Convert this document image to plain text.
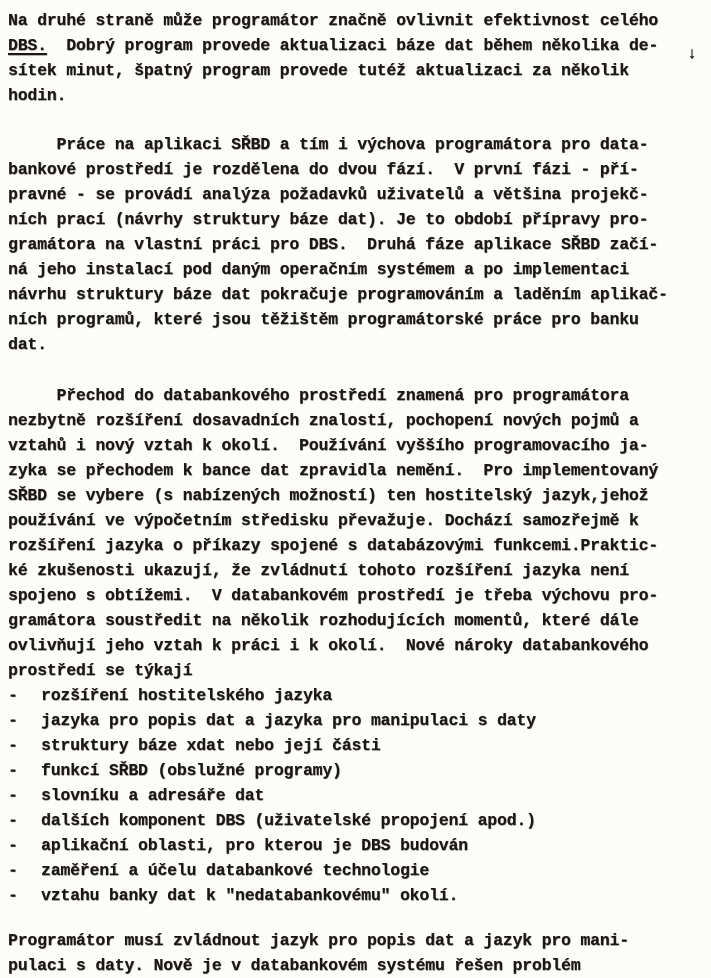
Na druhé straně může programátor značně ovlivnit efektivnost celého
DBS.  Dobrý program provede aktualizaci báze dat během několika de-
sítek minut, špatný program provede tutéž aktualizaci za několik
hodin.
↓
Práce na aplikaci SŘBD a tím i výchova programátora pro data-
bankové prostředí je rozdělena do dvou fází.  V první fázi - pří-
pravné - se provádí analýza požadavků uživatelů a většina projekč-
ních prací (návrhy struktury báze dat). Je to období přípravy pro-
gramátora na vlastní práci pro DBS.  Druhá fáze aplikace SŘBD začí-
ná jeho instalací pod daným operačním systémem a po implementaci
návrhu struktury báze dat pokračuje programováním a laděním aplikač-
ních programů, které jsou těžištěm programátorské práce pro banku
dat.
Přechod do databankového prostředí znamená pro programátora
nezbytně rozšíření dosavadních znalostí, pochopení nových pojmů a
vztahů i nový vztah k okolí.  Používání vyššího programovacího ja-
zyka se přechodem k bance dat zpravidla nemění.  Pro implementovaný
SŘBD se vybere (s nabízených možností) ten hostitelský jazyk,jehož
používání ve výpočetním středisku převažuje. Dochází samozřejmě k
rozšíření jazyka o příkazy spojené s databázovými funkcemi.Praktic-
ké zkušenosti ukazují, že zvládnutí tohoto rozšíření jazyka není
spojeno s obtížemi.  V databankovém prostředí je třeba výchovu pro-
gramátora soustředit na několik rozhodujících momentů, které dále
ovlivňují jeho vztah k práci i k okolí.  Nové nároky databankového
prostředí se týkají
-	rozšíření hostitelského jazyka
-	jazyka pro popis dat a jazyka pro manipulaci s daty
-	struktury báze xdat nebo její části
-	funkcí SŘBD (obslužné programy)
-	slovníku a adresáře dat
-	dalších komponent DBS (uživatelské propojení apod.)
-	aplikační oblasti, pro kterou je DBS budován
-	zaměření a účelu databankové technologie
-	vztahu banky dat k "nedatabankovému" okolí.
Programátor musí zvládnout jazyk pro popis dat a jazyk pro mani-
pulaci s daty. Nově je v databankovém systému řešen problém
